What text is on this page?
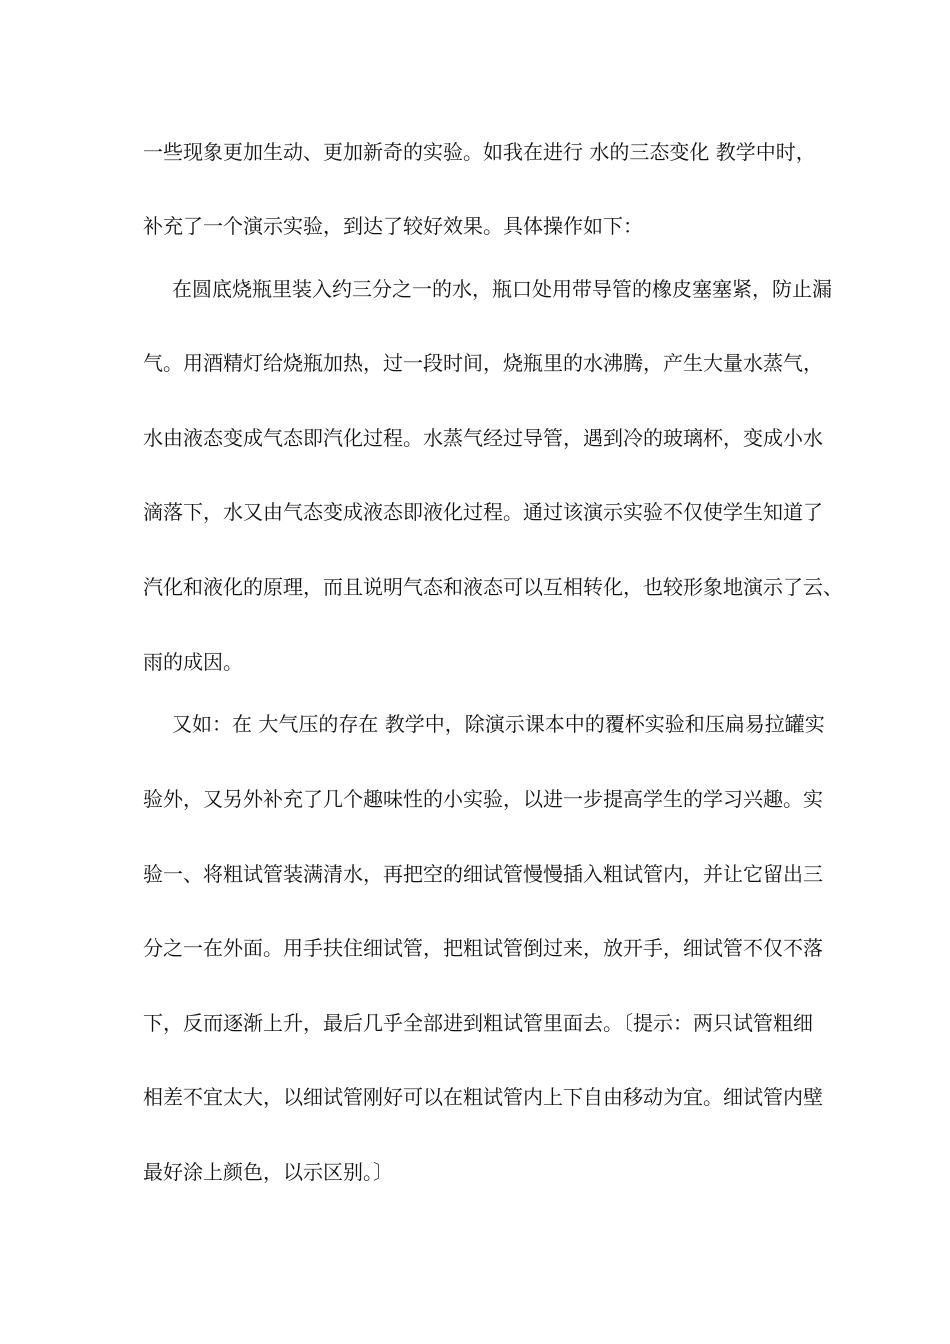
一些现象更加生动、更加新奇的实验。如我在进行 水的三态变化 教学中时，
补充了一个演示实验，到达了较好效果。具体操作如下：
在圆底烧瓶里装入约三分之一的水，瓶口处用带导管的橡皮塞塞紧，防止漏
气。用酒精灯给烧瓶加热，过一段时间，烧瓶里的水沸腾，产生大量水蒸气，
水由液态变成气态即汽化过程。水蒸气经过导管，遇到冷的玻璃杯，变成小水
滴落下，水又由气态变成液态即液化过程。通过该演示实验不仅使学生知道了
汽化和液化的原理，而且说明气态和液态可以互相转化，也较形象地演示了云、
雨的成因。
又如：在 大气压的存在 教学中，除演示课本中的覆杯实验和压扁易拉罐实
验外，又另外补充了几个趣味性的小实验，以进一步提高学生的学习兴趣。实
验一、将粗试管装满清水，再把空的细试管慢慢插入粗试管内，并让它留出三
分之一在外面。用手扶住细试管，把粗试管倒过来，放开手，细试管不仅不落
下，反而逐渐上升，最后几乎全部进到粗试管里面去。〔提示：两只试管粗细
相差不宜太大，以细试管刚好可以在粗试管内上下自由移动为宜。细试管内壁
最好涂上颜色，以示区别。〕
